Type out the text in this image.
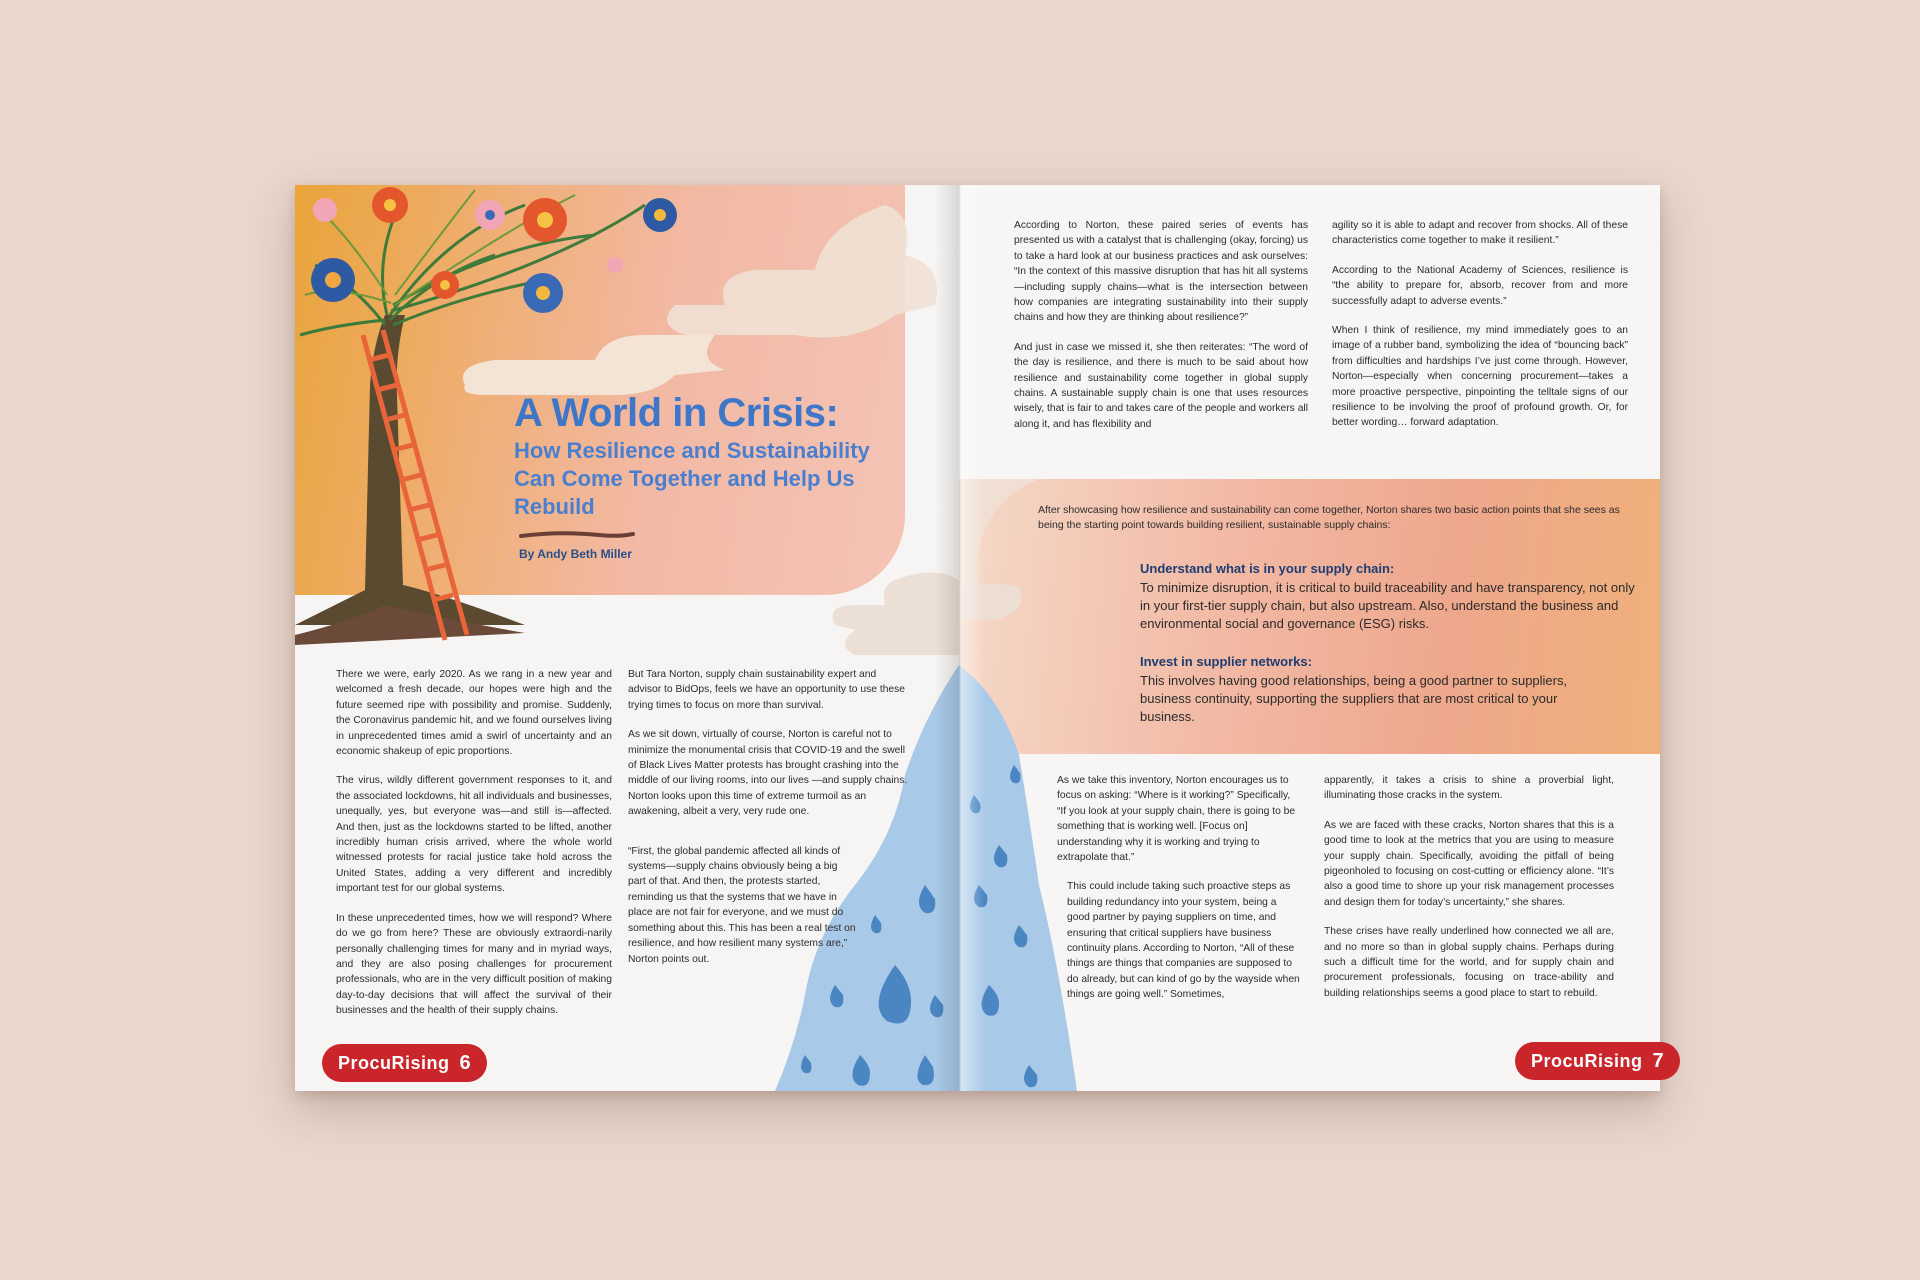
A World in Crisis:
How Resilience and Sustainability Can Come Together and Help Us Rebuild
By Andy Beth Miller

There we were, early 2020. As we rang in a new year and welcomed a fresh decade, our hopes were high and the future seemed ripe with possibility and promise. Suddenly, the Coronavirus pandemic hit, and we found ourselves living in unprecedented times amid a swirl of uncertainty and an economic shakeup of epic proportions.

The virus, wildly different government responses to it, and the associated lockdowns, hit all individuals and businesses, unequally, yes, but everyone was—and still is—affected. And then, just as the lockdowns started to be lifted, another incredibly human crisis arrived, where the whole world witnessed protests for racial justice take hold across the United States, adding a very different and incredibly important test for our global systems.

In these unprecedented times, how we will respond? Where do we go from here? These are obviously extraordi-narily personally challenging times for many and in myriad ways, and they are also posing challenges for procurement professionals, who are in the very difficult position of making day-to-day decisions that will affect the survival of their businesses and the health of their supply chains.

But Tara Norton, supply chain sustainability expert and advisor to BidOps, feels we have an opportunity to use these trying times to focus on more than survival.

As we sit down, virtually of course, Norton is careful not to minimize the monumental crisis that COVID-19 and the swell of Black Lives Matter protests has brought crashing into the middle of our living rooms, into our lives —and supply chains. Norton looks upon this time of extreme turmoil as an awakening, albeit a very, very rude one.

“First, the global pandemic affected all kinds of systems—supply chains obviously being a big part of that. And then, the protests started, reminding us that the systems that we have in place are not fair for everyone, and we must do something about this. This has been a real test on resilience, and how resilient many systems are,” Norton points out.

ProcuRising 6

According to Norton, these paired series of events has presented us with a catalyst that is challenging (okay, forcing) us to take a hard look at our business practices and ask ourselves: “In the context of this massive disruption that has hit all systems—including supply chains—what is the intersection between how companies are integrating sustainability into their supply chains and how they are thinking about resilience?”

And just in case we missed it, she then reiterates: “The word of the day is resilience, and there is much to be said about how resilience and sustainability come together in global supply chains. A sustainable supply chain is one that uses resources wisely, that is fair to and takes care of the people and workers all along it, and has flexibility and

agility so it is able to adapt and recover from shocks. All of these characteristics come together to make it resilient.”

According to the National Academy of Sciences, resilience is “the ability to prepare for, absorb, recover from and more successfully adapt to adverse events.”

When I think of resilience, my mind immediately goes to an image of a rubber band, symbolizing the idea of “bouncing back” from difficulties and hardships I’ve just come through. However, Norton—especially when concerning procurement—takes a more proactive perspective, pinpointing the telltale signs of our resilience to be involving the proof of profound growth. Or, for better wording… forward adaptation.

After showcasing how resilience and sustainability can come together, Norton shares two basic action points that she sees as being the starting point towards building resilient, sustainable supply chains:
Understand what is in your supply chain:
To minimize disruption, it is critical to build traceability and have transparency, not only in your first-tier supply chain, but also upstream. Also, understand the business and environmental social and governance (ESG) risks.
Invest in supplier networks:
This involves having good relationships, being a good partner to suppliers, business continuity, supporting the suppliers that are most critical to your business.

As we take this inventory, Norton encourages us to focus on asking: “Where is it working?” Specifically, “If you look at your supply chain, there is going to be something that is working well. [Focus on] understanding why it is working and trying to extrapolate that.”

This could include taking such proactive steps as building redundancy into your system, being a good partner by paying suppliers on time, and ensuring that critical suppliers have business continuity plans. According to Norton, “All of these things are things that companies are supposed to do already, but can kind of go by the wayside when things are going well.” Sometimes,

apparently, it takes a crisis to shine a proverbial light, illuminating those cracks in the system.

As we are faced with these cracks, Norton shares that this is a good time to look at the metrics that you are using to measure your supply chain. Specifically, avoiding the pitfall of being pigeonholed to focusing on cost-cutting or efficiency alone. “It’s also a good time to shore up your risk management processes and design them for today’s uncertainty,” she shares.

These crises have really underlined how connected we all are, and no more so than in global supply chains. Perhaps during such a difficult time for the world, and for supply chain and procurement professionals, focusing on trace-ability and building relationships seems a good place to start to rebuild.

ProcuRising 7
